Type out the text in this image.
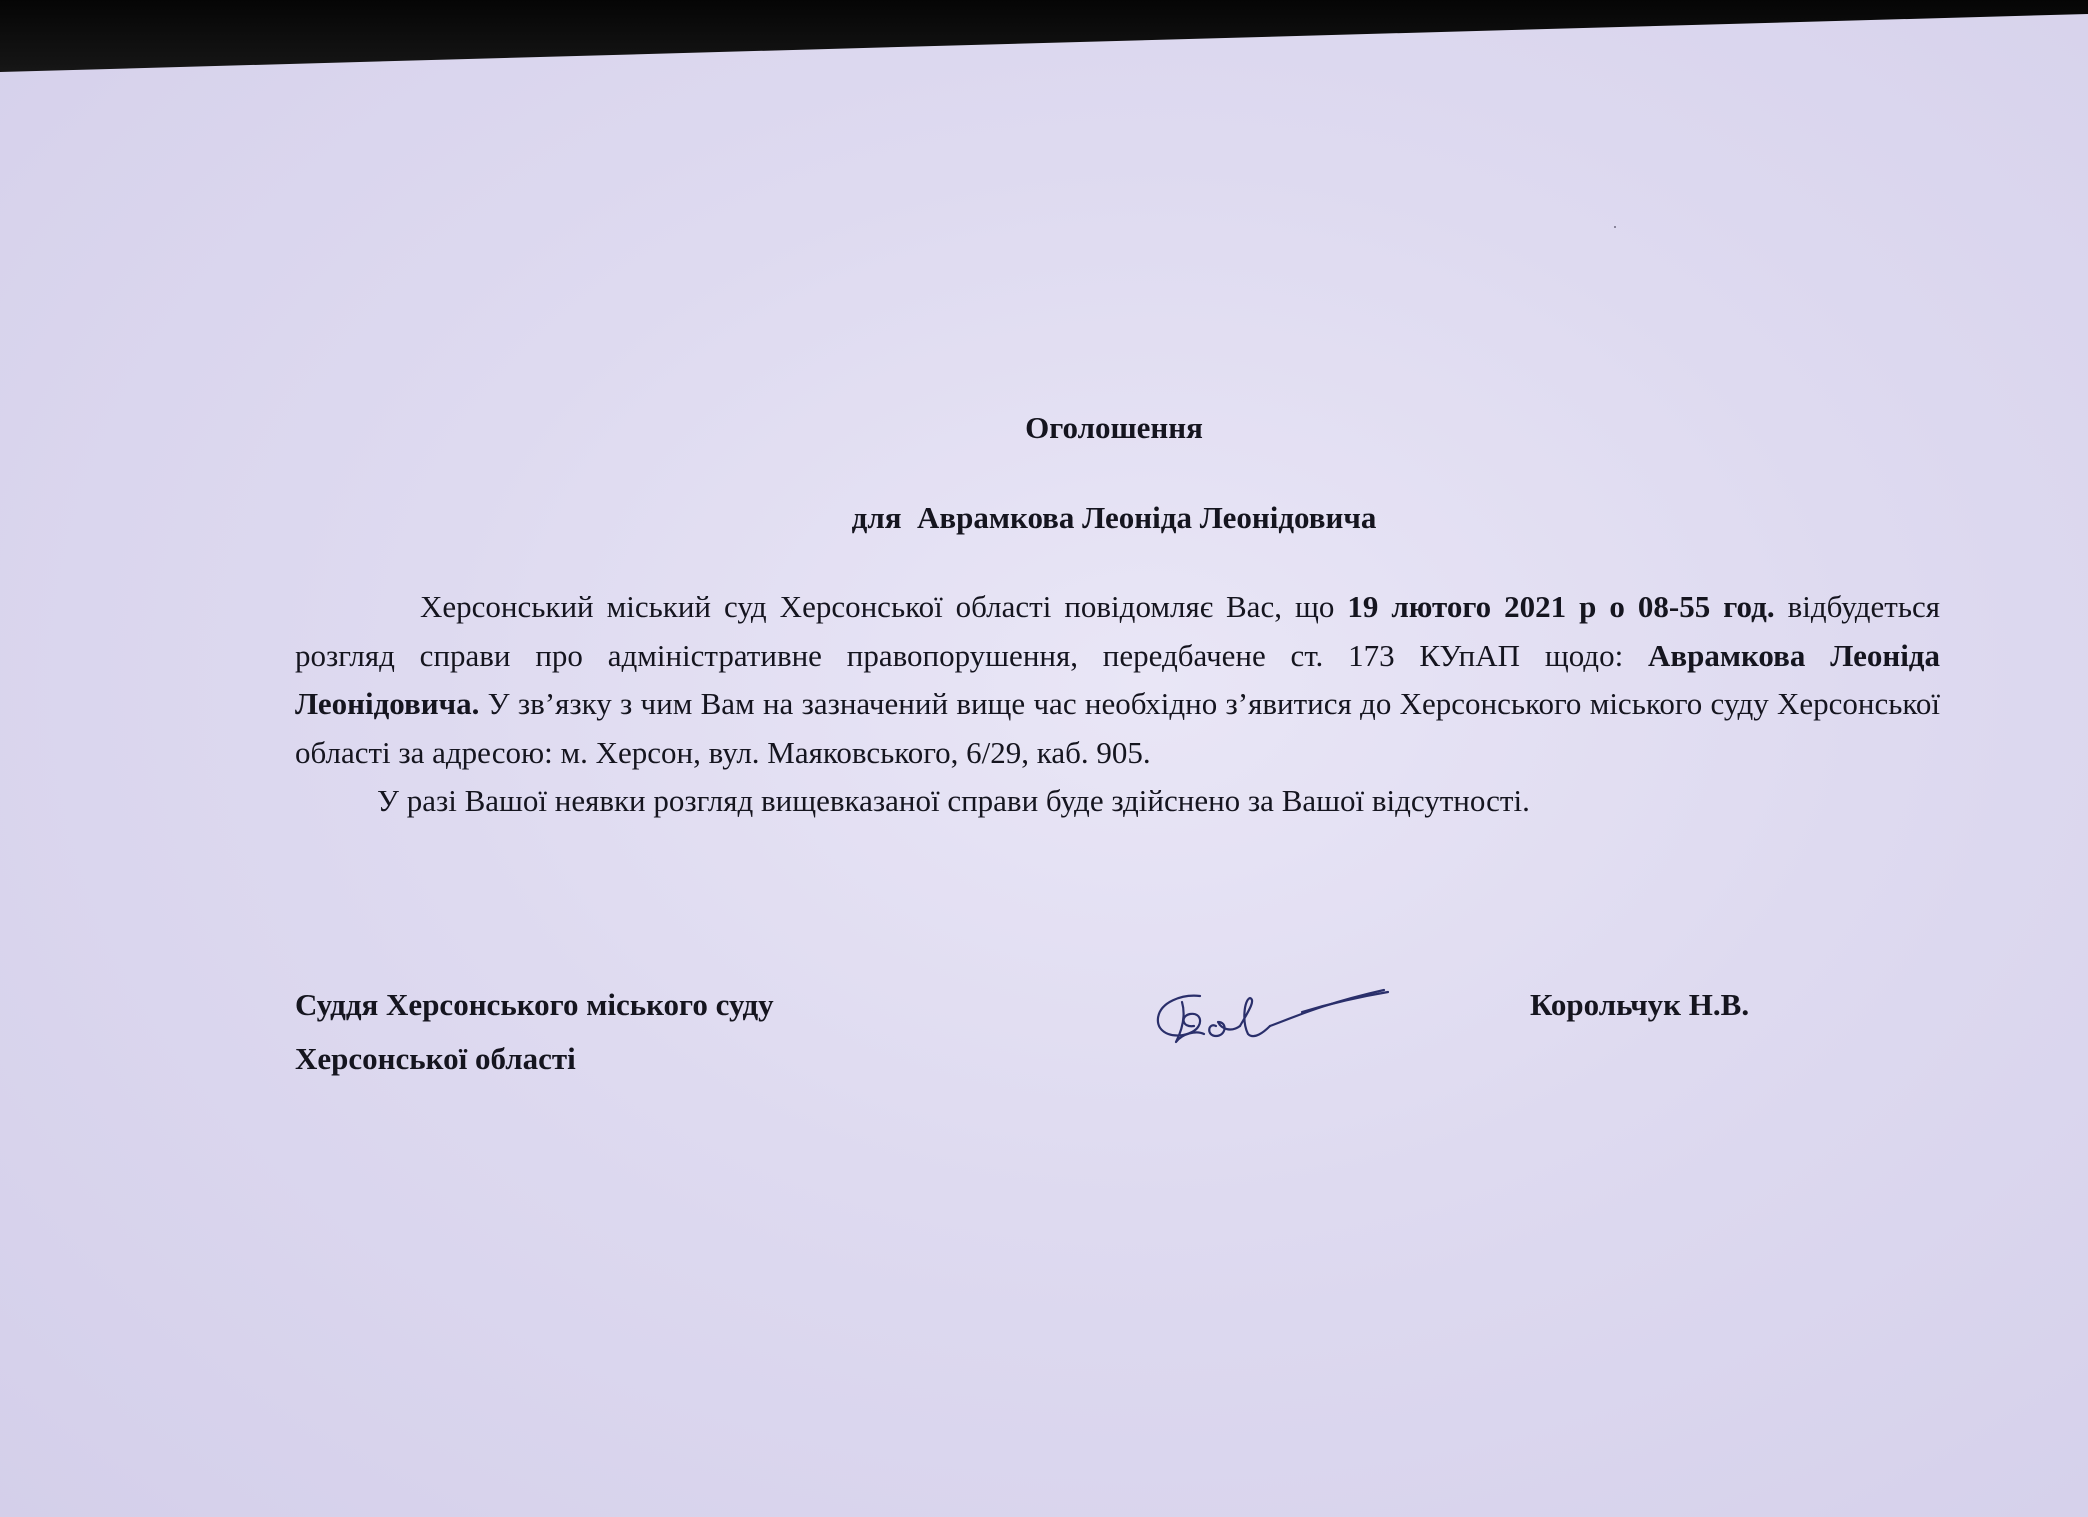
Оголошення
для  Аврамкова Леоніда Леонідовича

Херсонський міський суд Херсонської області повідомляє Вас, що 19 лютого 2021 р о 08-55 год. відбудеться розгляд справи про адміністративне правопорушення, передбачене ст. 173 КУпАП щодо: Аврамкова Леоніда Леонідовича. У зв’язку з чим Вам на зазначений вище час необхідно з’явитися до Херсонського міського суду Херсонської області за адресою: м. Херсон, вул. Маяковського, 6/29, каб. 905.

У разі Вашої неявки розгляд вищевказаної справи буде здійснено за Вашої відсутності.

Суддя Херсонського міського суду
Херсонської області
Корольчук Н.В.
